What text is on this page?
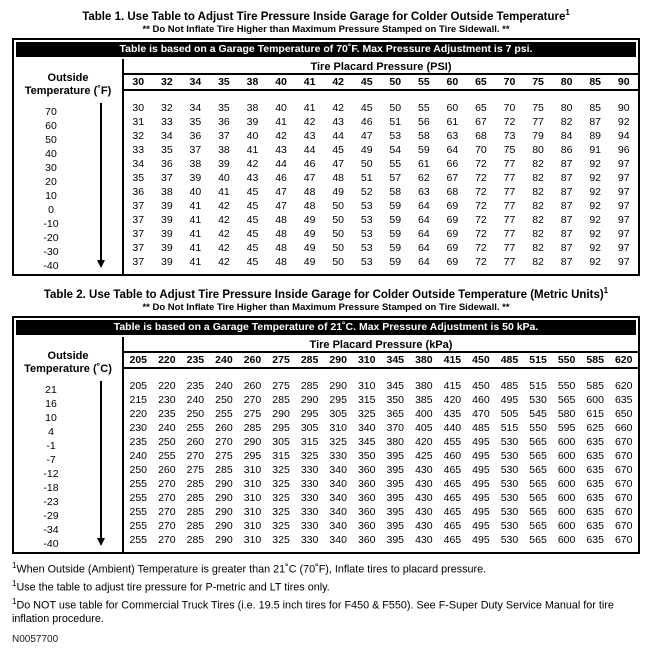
Table 1. Use Table to Adjust Tire Pressure Inside Garage for Colder Outside Temperature$^1$
** Do Not Inflate Tire Higher than Maximum Pressure Stamped on Tire Sidewall. **
Table is based on a Garage Temperature of 70˚F. Max Pressure Adjustment is 7 psi.
Outside
Temperature (˚F)
70
60
50
40
30
20
10
0
-10
-20
-30
-40
Tire Placard Pressure (PSI)
30	32	34	35	38	40	41	42	45	50	55	60	65	70	75	80	85	90
30	32	34	35	38	40	41	42	45	50	55	60	65	70	75	80	85	90
31	33	35	36	39	41	42	43	46	51	56	61	67	72	77	82	87	92
32	34	36	37	40	42	43	44	47	53	58	63	68	73	79	84	89	94
33	35	37	38	41	43	44	45	49	54	59	64	70	75	80	86	91	96
34	36	38	39	42	44	46	47	50	55	61	66	72	77	82	87	92	97
35	37	39	40	43	46	47	48	51	57	62	67	72	77	82	87	92	97
36	38	40	41	45	47	48	49	52	58	63	68	72	77	82	87	92	97
37	39	41	42	45	47	48	50	53	59	64	69	72	77	82	87	92	97
37	39	41	42	45	48	49	50	53	59	64	69	72	77	82	87	92	97
37	39	41	42	45	48	49	50	53	59	64	69	72	77	82	87	92	97
37	39	41	42	45	48	49	50	53	59	64	69	72	77	82	87	92	97
37	39	41	42	45	48	49	50	53	59	64	69	72	77	82	87	92	97
Table 2. Use Table to Adjust Tire Pressure Inside Garage for Colder Outside Temperature (Metric Units)$^1$
** Do Not Inflate Tire Higher than Maximum Pressure Stamped on Tire Sidewall. **
Table is based on a Garage Temperature of 21˚C. Max Pressure Adjustment is 50 kPa.
Outside
Temperature (˚C)
21
16
10
4
-1
-7
-12
-18
-23
-29
-34
-40
Tire Placard Pressure (kPa)
205	220	235	240	260	275	285	290	310	345	380	415	450	485	515	550	585	620
205	220	235	240	260	275	285	290	310	345	380	415	450	485	515	550	585	620
215	230	240	250	270	285	290	295	315	350	385	420	460	495	530	565	600	635
220	235	250	255	275	290	295	305	325	365	400	435	470	505	545	580	615	650
230	240	255	260	285	295	305	310	340	370	405	440	485	515	550	595	625	660
235	250	260	270	290	305	315	325	345	380	420	455	495	530	565	600	635	670
240	255	270	275	295	315	325	330	350	395	425	460	495	530	565	600	635	670
250	260	275	285	310	325	330	340	360	395	430	465	495	530	565	600	635	670
255	270	285	290	310	325	330	340	360	395	430	465	495	530	565	600	635	670
255	270	285	290	310	325	330	340	360	395	430	465	495	530	565	600	635	670
255	270	285	290	310	325	330	340	360	395	430	465	495	530	565	600	635	670
255	270	285	290	310	325	330	340	360	395	430	465	495	530	565	600	635	670
255	270	285	290	310	325	330	340	360	395	430	465	495	530	565	600	635	670
$^1$When Outside (Ambient) Temperature is greater than 21˚C (70˚F), Inflate tires to placard pressure.
$^1$Use the table to adjust tire pressure for P-metric and LT tires only.
$^1$Do NOT use table for Commercial Truck Tires (i.e. 19.5 inch tires for F450 & F550). See F-Super Duty Service Manual for tire inflation procedure.
N0057700
